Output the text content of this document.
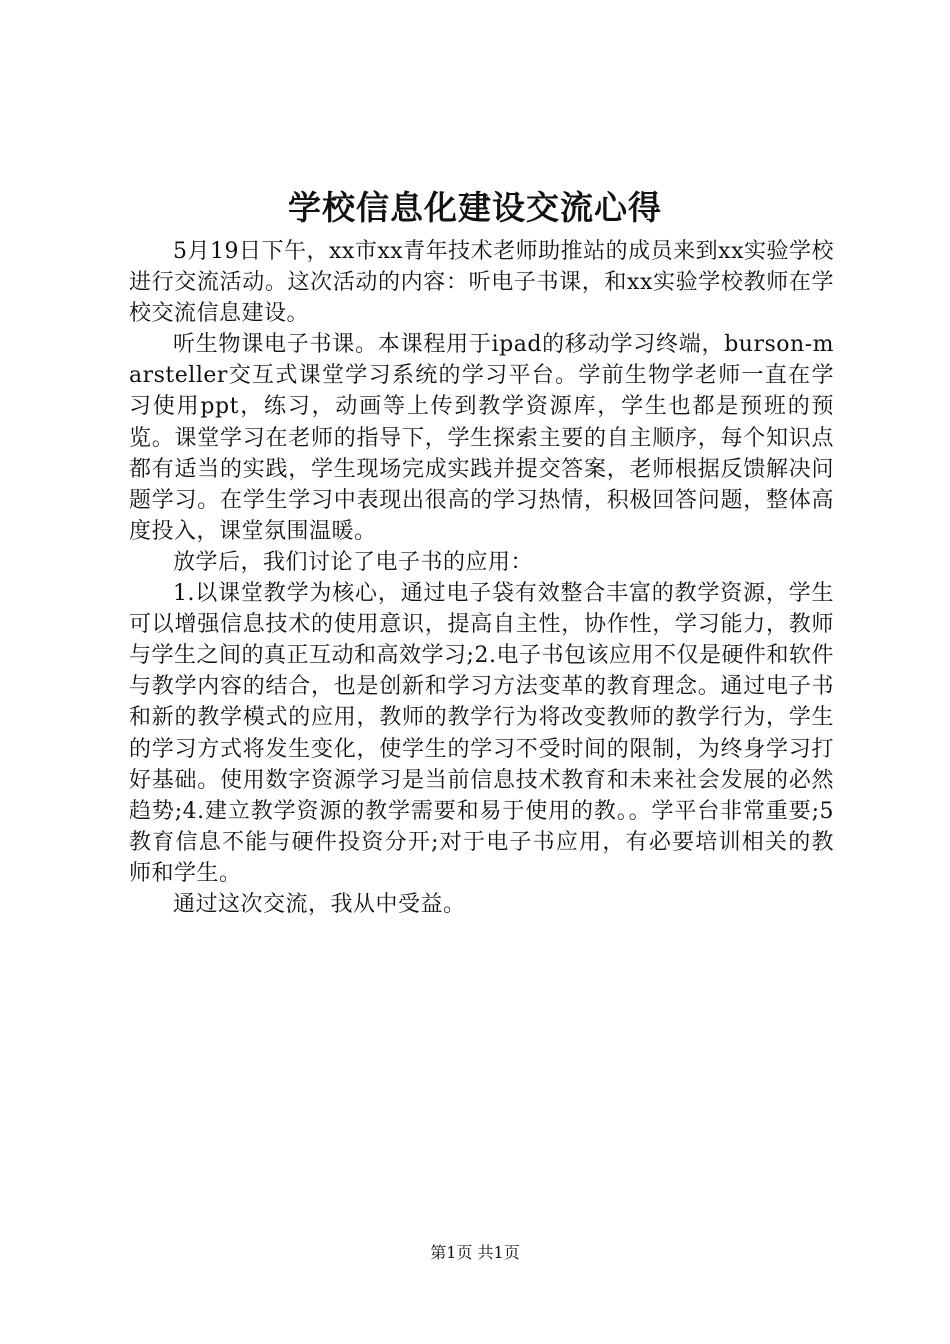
学校信息化建设交流心得

5月19日下午，xx市xx青年技术老师助推站的成员来到xx实验学校进行交流活动。这次活动的内容：听电子书课，和xx实验学校教师在学校交流信息建设。

听生物课电子书课。本课程用于ipad的移动学习终端，burson-marsteller交互式课堂学习系统的学习平台。学前生物学老师一直在学习使用ppt，练习，动画等上传到教学资源库，学生也都是预班的预览。课堂学习在老师的指导下，学生探索主要的自主顺序，每个知识点都有适当的实践，学生现场完成实践并提交答案，老师根据反馈解决问题学习。在学生学习中表现出很高的学习热情，积极回答问题，整体高度投入，课堂氛围温暖。

放学后，我们讨论了电子书的应用：

1.以课堂教学为核心，通过电子袋有效整合丰富的教学资源，学生可以增强信息技术的使用意识，提高自主性，协作性，学习能力，教师与学生之间的真正互动和高效学习;2.电子书包该应用不仅是硬件和软件与教学内容的结合，也是创新和学习方法变革的教育理念。通过电子书和新的教学模式的应用，教师的教学行为将改变教师的教学行为，学生的学习方式将发生变化，使学生的学习不受时间的限制，为终身学习打好基础。使用数字资源学习是当前信息技术教育和未来社会发展的必然趋势;4.建立教学资源的教学需要和易于使用的教。。学平台非常重要;5教育信息不能与硬件投资分开;对于电子书应用，有必要培训相关的教师和学生。

通过这次交流，我从中受益。

第1页 共1页
